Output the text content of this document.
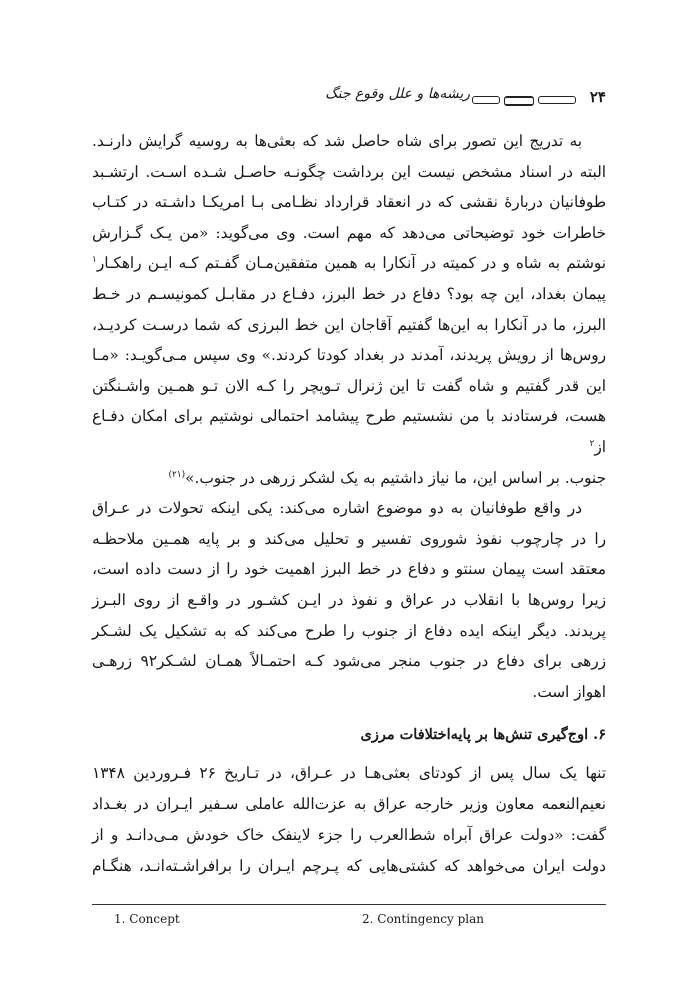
۲۴
ریشه‌ها و علل وقوع جنگ

به تدریج این تصور برای شاه حاصل شد که بعثی‌ها به روسیه گرایش دارنـد.
البته در اسناد مشخص نیست این برداشت چگونـه حاصـل شـده اسـت. ارتشـبد
طوفانیان دربارهٔ نقشی که در انعقاد قرارداد نظـامی بـا امریکـا داشـته در کتـاب
خاطرات خود توضیحاتی می‌دهد که مهم است. وی می‌گوید: «من یـک گـزارش
نوشتم به شاه و در کمیته در آنکارا به همین متفقین‌مـان گفـتم کـه ایـن راهکـار$^۱$
پیمان بغداد، این چه بود؟ دفاع در خط البرز، دفـاع در مقابـل کمونیسـم در خـط
البرز، ما در آنکارا به این‌ها گفتیم آقاجان این خط البرزی که شما درسـت کردیـد،
روس‌ها از رویش پریدند، آمدند در بغداد کودتا کردند.» وی سپس مـی‌گویـد: «مـا
این قدر گفتیم و شاه گفت تا این ژنرال تـویچر را کـه الان تـو همـین واشـنگتن
هست، فرستادند با من نشستیم طرح پیشامد احتمالی نوشتیم برای امکان دفـاع از$^۲$
جنوب. بر اساس این، ما نیاز داشتیم به یک لشکر زرهی در جنوب.»$^{(۲۱)}$

در واقع طوفانیان به دو موضوع اشاره می‌کند: یکی اینکه تحولات در عـراق
را در چارچوب نفوذ شوروی تفسیر و تحلیل می‌کند و بر پایه همـین ملاحظـه
معتقد است پیمان سنتو و دفاع در خط البرز اهمیت خود را از دست داده است،
زیرا روس‌ها با انقلاب در عراق و نفوذ در ایـن کشـور در واقـع از روی البـرز
پریدند. دیگر اینکه ایده دفاع از جنوب را طرح می‌کند که به تشکیل یک لشـکر
زرهی برای دفاع در جنوب منجر می‌شود کـه احتمـالاً همـان لشـکر۹۲ زرهـی
اهواز است.

۶. اوج‌گیری تنش‌ها بر پایه‌اختلافات مرزی
تنها یک سال پس از کودتای بعثی‌هـا در عـراق، در تـاریخ ۲۶ فـروردین ۱۳۴۸
نعیم‌النعمه معاون وزیر خارجه عراق به عزت‌الله عاملی سـفیر ایـران در بغـداد
گفت: «دولت عراق آبراه شط‌العرب را جزء لاینفک خاک خودش مـی‌دانـد و از
دولت ایران می‌خواهد که کشتی‌هایی که پـرچم ایـران را برافراشـته‌انـد، هنگـام
1. Concept	2. Contingency plan
